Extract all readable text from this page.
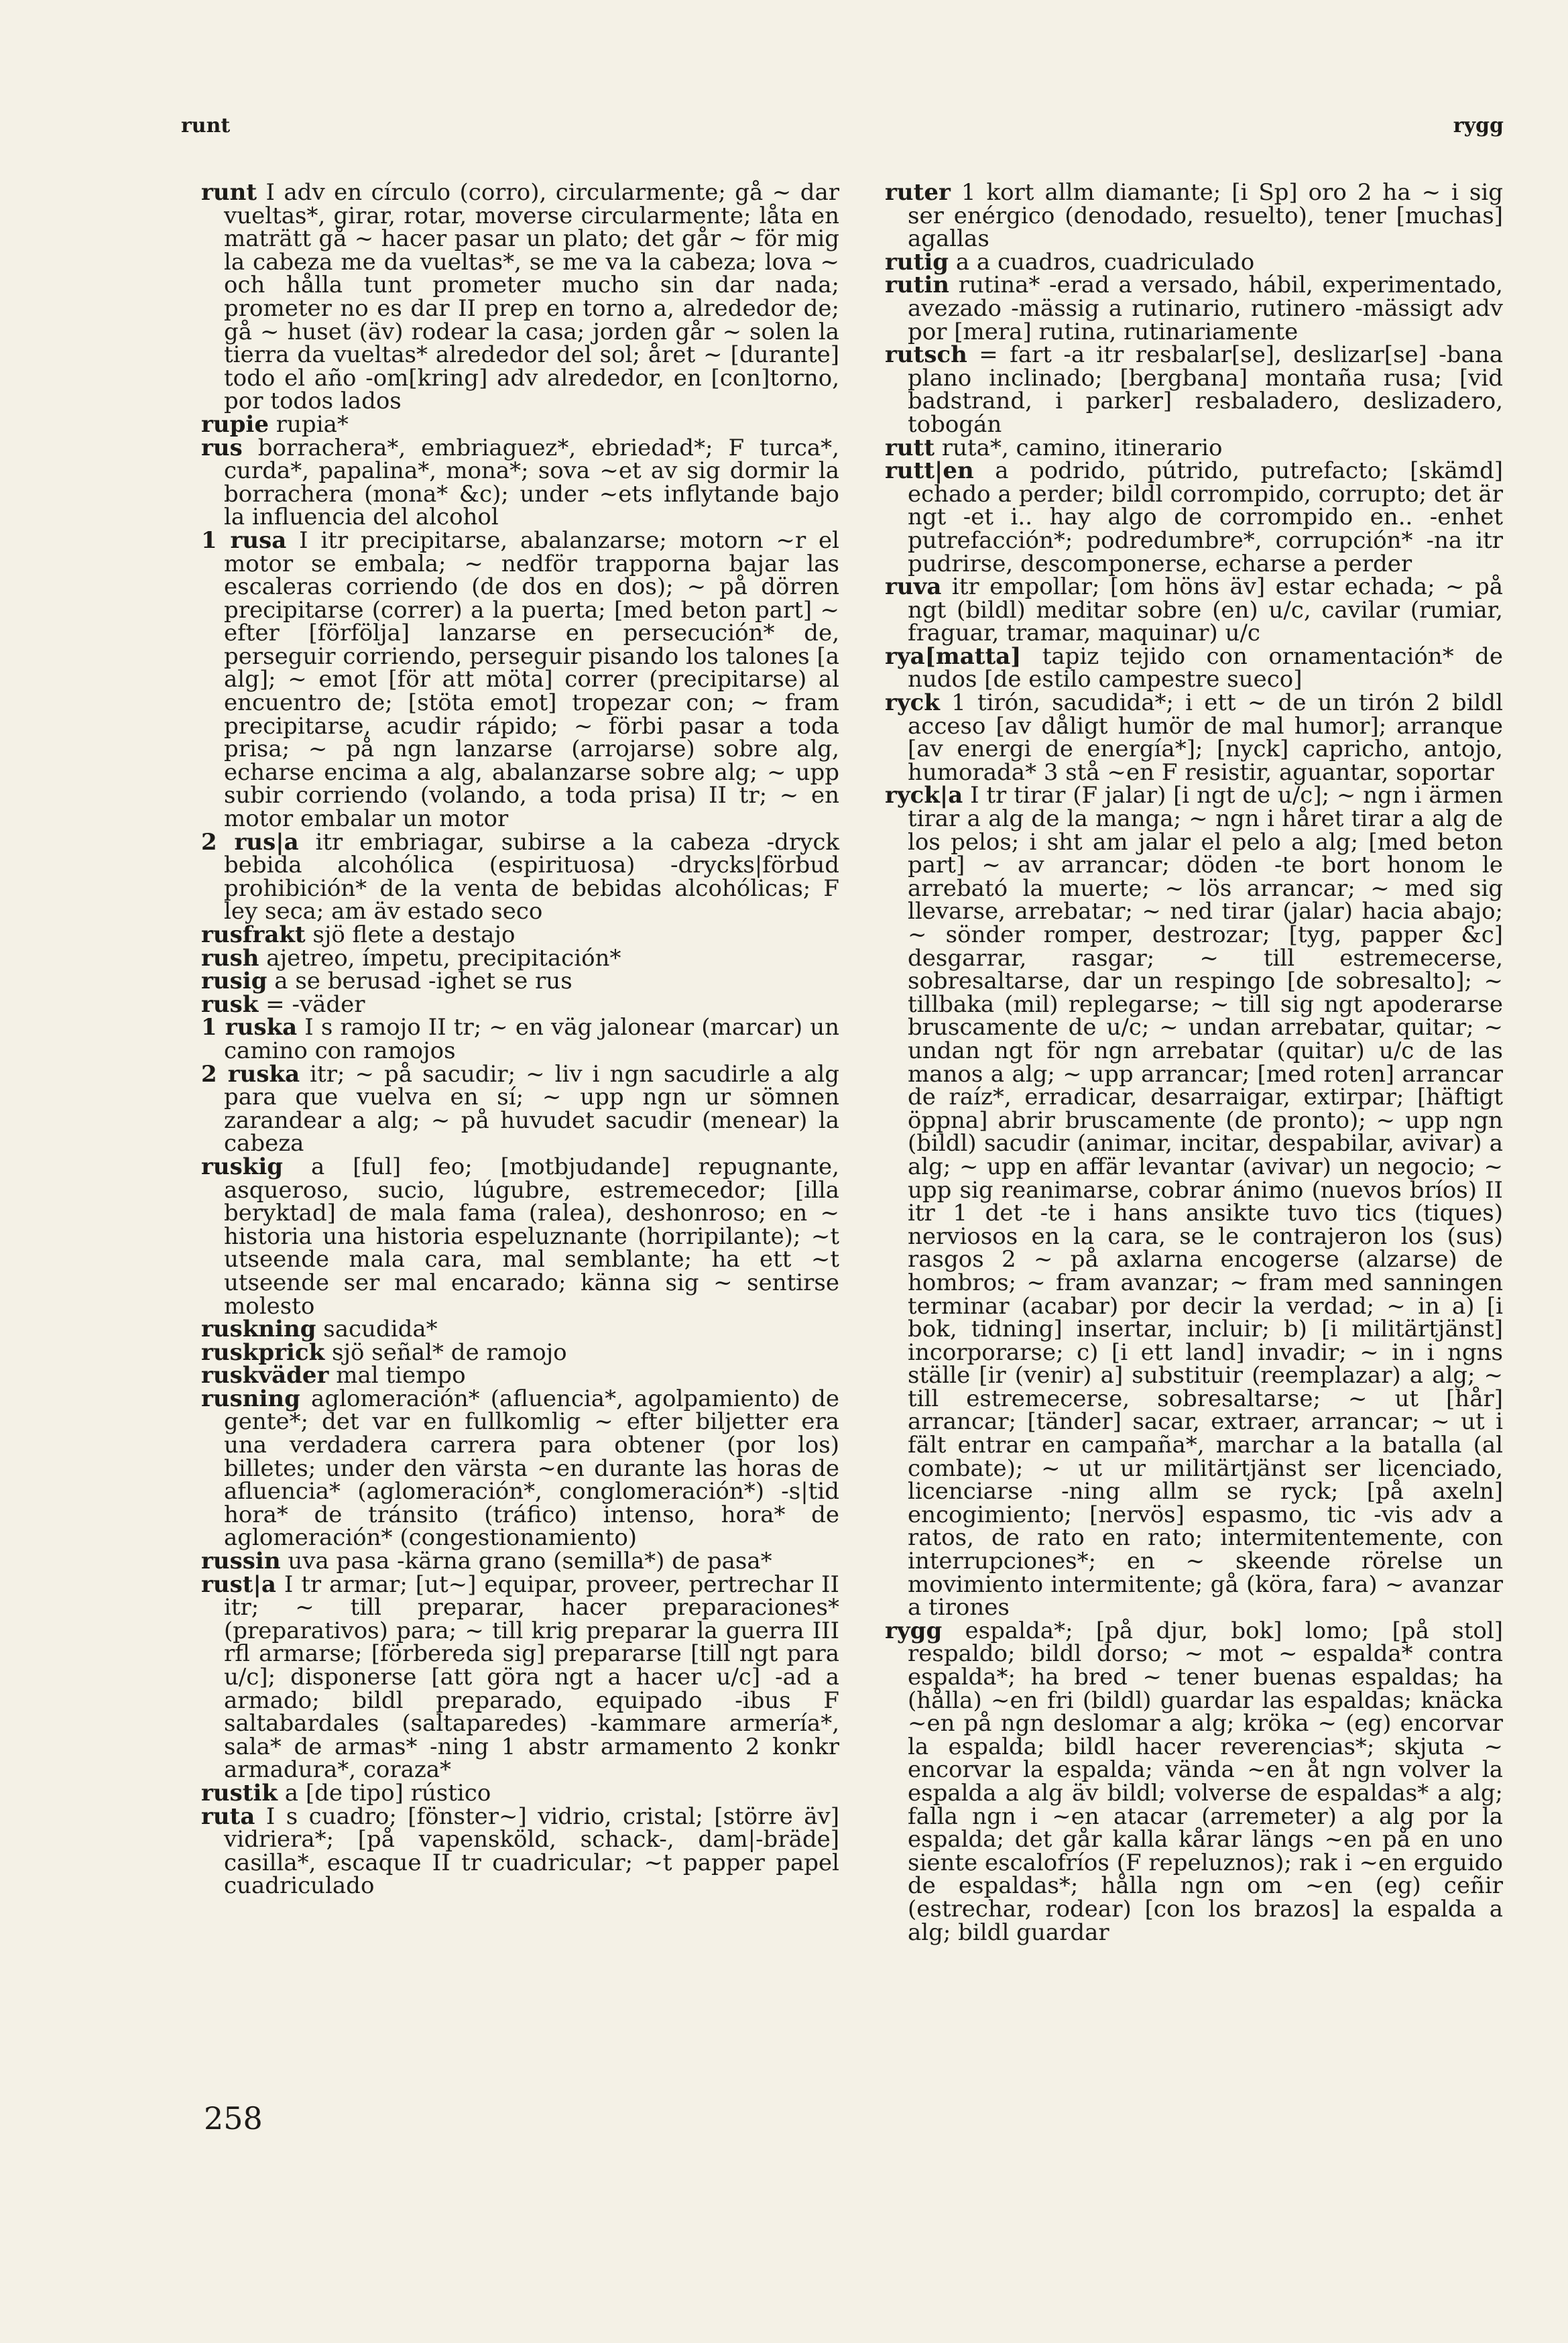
runt	rygg

runt I adv en círculo (corro), circularmente; gå ~ dar vueltas*, girar, rotar, moverse circularmente; låta en maträtt gå ~ hacer pasar un plato; det går ~ för mig la cabeza me da vueltas*, se me va la cabeza; lova ~ och hålla tunt prometer mucho sin dar nada; prometer no es dar II prep en torno a, alrededor de; gå ~ huset (äv) rodear la casa; jorden går ~ solen la tierra da vueltas* alrededor del sol; året ~ [durante] todo el año -om[kring] adv alrededor, en [con]torno, por todos lados

rupie rupia*

rus borrachera*, embriaguez*, ebriedad*; F turca*, curda*, papalina*, mona*; sova ~et av sig dormir la borrachera (mona* &c); under ~ets inflytande bajo la influencia del alcohol

1 rusa I itr precipitarse, abalanzarse; motorn ~r el motor se embala; ~ nedför trapporna bajar las escaleras corriendo (de dos en dos); ~ på dörren precipitarse (correr) a la puerta; [med beton part] ~ efter [förfölja] lanzarse en persecución* de, perseguir corriendo, perseguir pisando los talones [a alg]; ~ emot [för att möta] correr (precipitarse) al encuentro de; [stöta emot] tropezar con; ~ fram precipitarse, acudir rápido; ~ förbi pasar a toda prisa; ~ på ngn lanzarse (arrojarse) sobre alg, echarse encima a alg, abalanzarse sobre alg; ~ upp subir corriendo (volando, a toda prisa) II tr; ~ en motor embalar un motor

2 rus|a itr embriagar, subirse a la cabeza -dryck bebida alcohólica (espirituosa) -drycks|förbud prohibición* de la venta de bebidas alcohólicas; F ley seca; am äv estado seco

rusfrakt sjö flete a destajo

rush ajetreo, ímpetu, precipitación*

rusig a se berusad -ighet se rus

rusk = -väder

1 ruska I s ramojo II tr; ~ en väg jalonear (marcar) un camino con ramojos

2 ruska itr; ~ på sacudir; ~ liv i ngn sacudirle a alg para que vuelva en sí; ~ upp ngn ur sömnen zarandear a alg; ~ på huvudet sacudir (menear) la cabeza

ruskig a [ful] feo; [motbjudande] repugnante, asqueroso, sucio, lúgubre, estremecedor; [illa beryktad] de mala fama (ralea), deshonroso; en ~ historia una historia espeluznante (horripilante); ~t utseende mala cara, mal semblante; ha ett ~t utseende ser mal encarado; känna sig ~ sentirse molesto

ruskning sacudida*

ruskprick sjö señal* de ramojo

ruskväder mal tiempo

rusning aglomeración* (afluencia*, agolpamiento) de gente*; det var en fullkomlig ~ efter biljetter era una verdadera carrera para obtener (por los) billetes; under den värsta ~en durante las horas de afluencia* (aglomeración*, conglomeración*) -s|tid hora* de tránsito (tráfico) intenso, hora* de aglomeración* (congestionamiento)

russin uva pasa -kärna grano (semilla*) de pasa*

rust|a I tr armar; [ut~] equipar, proveer, pertrechar II itr; ~ till preparar, hacer preparaciones* (preparativos) para; ~ till krig preparar la guerra III rfl armarse; [förbereda sig] prepararse [till ngt para u/c]; disponerse [att göra ngt a hacer u/c] -ad a armado; bildl preparado, equipado -ibus F saltabardales (saltaparedes) -kammare armería*, sala* de armas* -ning 1 abstr armamento 2 konkr armadura*, coraza*

rustik a [de tipo] rústico

ruta I s cuadro; [fönster~] vidrio, cristal; [större äv] vidriera*; [på vapensköld, schack-, dam|-bräde] casilla*, escaque II tr cuadricular; ~t papper papel cuadriculado

ruter 1 kort allm diamante; [i Sp] oro 2 ha ~ i sig ser enérgico (denodado, resuelto), tener [muchas] agallas

rutig a a cuadros, cuadriculado

rutin rutina* -erad a versado, hábil, experimentado, avezado -mässig a rutinario, rutinero -mässigt adv por [mera] rutina, rutinariamente

rutsch = fart -a itr resbalar[se], deslizar[se] -bana plano inclinado; [bergbana] montaña rusa; [vid badstrand, i parker] resbaladero, deslizadero, tobogán

rutt ruta*, camino, itinerario

rutt|en a podrido, pútrido, putrefacto; [skämd] echado a perder; bildl corrompido, corrupto; det är ngt -et i.. hay algo de corrompido en.. -enhet putrefacción*; podredumbre*, corrupción* -na itr pudrirse, descomponerse, echarse a perder

ruva itr empollar; [om höns äv] estar echada; ~ på ngt (bildl) meditar sobre (en) u/c, cavilar (rumiar, fraguar, tramar, maquinar) u/c

rya[matta] tapiz tejido con ornamentación* de nudos [de estilo campestre sueco]

ryck 1 tirón, sacudida*; i ett ~ de un tirón 2 bildl acceso [av dåligt humör de mal humor]; arranque [av energi de energía*]; [nyck] capricho, antojo, humorada* 3 stå ~en F resistir, aguantar, soportar

ryck|a I tr tirar (F jalar) [i ngt de u/c]; ~ ngn i ärmen tirar a alg de la manga; ~ ngn i håret tirar a alg de los pelos; i sht am jalar el pelo a alg; [med beton part] ~ av arrancar; döden -te bort honom le arrebató la muerte; ~ lös arrancar; ~ med sig llevarse, arrebatar; ~ ned tirar (jalar) hacia abajo; ~ sönder romper, destrozar; [tyg, papper &c] desgarrar, rasgar; ~ till estremecerse, sobresaltarse, dar un respingo [de sobresalto]; ~ tillbaka (mil) replegarse; ~ till sig ngt apoderarse bruscamente de u/c; ~ undan arrebatar, quitar; ~ undan ngt för ngn arrebatar (quitar) u/c de las manos a alg; ~ upp arrancar; [med roten] arrancar de raíz*, erradicar, desarraigar, extirpar; [häftigt öppna] abrir bruscamente (de pronto); ~ upp ngn (bildl) sacudir (animar, incitar, despabilar, avivar) a alg; ~ upp en affär levantar (avivar) un negocio; ~ upp sig reanimarse, cobrar ánimo (nuevos bríos) II itr 1 det -te i hans ansikte tuvo tics (tiques) nerviosos en la cara, se le contrajeron los (sus) rasgos 2 ~ på axlarna encogerse (alzarse) de hombros; ~ fram avanzar; ~ fram med sanningen terminar (acabar) por decir la verdad; ~ in a) [i bok, tidning] insertar, incluir; b) [i militärtjänst] incorporarse; c) [i ett land] invadir; ~ in i ngns ställe [ir (venir) a] substituir (reemplazar) a alg; ~ till estremecerse, sobresaltarse; ~ ut [hår] arrancar; [tänder] sacar, extraer, arrancar; ~ ut i fält entrar en campaña*, marchar a la batalla (al combate); ~ ut ur militärtjänst ser licenciado, licenciarse -ning allm se ryck; [på axeln] encogimiento; [nervös] espasmo, tic -vis adv a ratos, de rato en rato; intermitentemente, con interrupciones*; en ~ skeende rörelse un movimiento intermitente; gå (köra, fara) ~ avanzar a tirones

rygg espalda*; [på djur, bok] lomo; [på stol] respaldo; bildl dorso; ~ mot ~ espalda* contra espalda*; ha bred ~ tener buenas espaldas; ha (hålla) ~en fri (bildl) guardar las espaldas; knäcka ~en på ngn deslomar a alg; kröka ~ (eg) encorvar la espalda; bildl hacer reverencias*; skjuta ~ encorvar la espalda; vända ~en åt ngn volver la espalda a alg äv bildl; volverse de espaldas* a alg; falla ngn i ~en atacar (arremeter) a alg por la espalda; det går kalla kårar längs ~en på en uno siente escalofríos (F repeluznos); rak i ~en erguido de espaldas*; hålla ngn om ~en (eg) ceñir (estrechar, rodear) [con los brazos] la espalda a alg; bildl guardar

258
